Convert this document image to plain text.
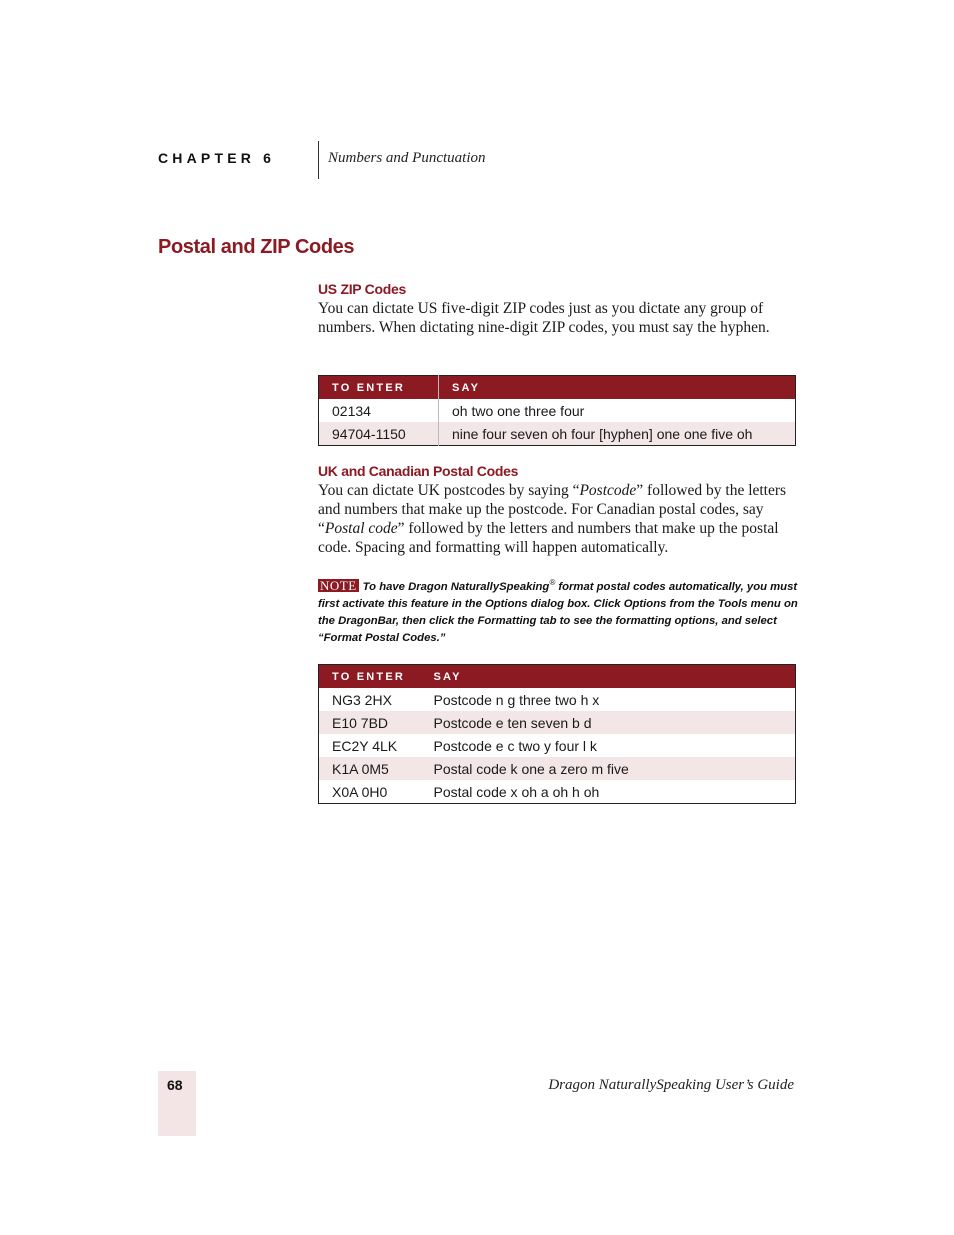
CHAPTER 6	Numbers and Punctuation
Postal and ZIP Codes
US ZIP Codes

You can dictate US five-digit ZIP codes just as you dictate any group of numbers. When dictating nine-digit ZIP codes, you must say the hyphen.

TO ENTER	SAY
02134	oh two one three four
94704-1150	nine four seven oh four [hyphen] one one five oh
UK and Canadian Postal Codes

You can dictate UK postcodes by saying “Postcode” followed by the letters and numbers that make up the postcode. For Canadian postal codes, say “Postal code” followed by the letters and numbers that make up the postal code. Spacing and formatting will happen automatically.

NOTE To have Dragon NaturallySpeaking® format postal codes automatically, you must first activate this feature in the Options dialog box. Click Options from the Tools menu on the DragonBar, then click the Formatting tab to see the formatting options, and select “Format Postal Codes.”

TO ENTER	SAY
NG3 2HX	Postcode n g three two h x
E10 7BD	Postcode e ten seven b d
EC2Y 4LK	Postcode e c two y four l k
K1A 0M5	Postal code k one a zero m five
X0A 0H0	Postal code x oh a oh h oh
68	Dragon NaturallySpeaking User’s Guide
